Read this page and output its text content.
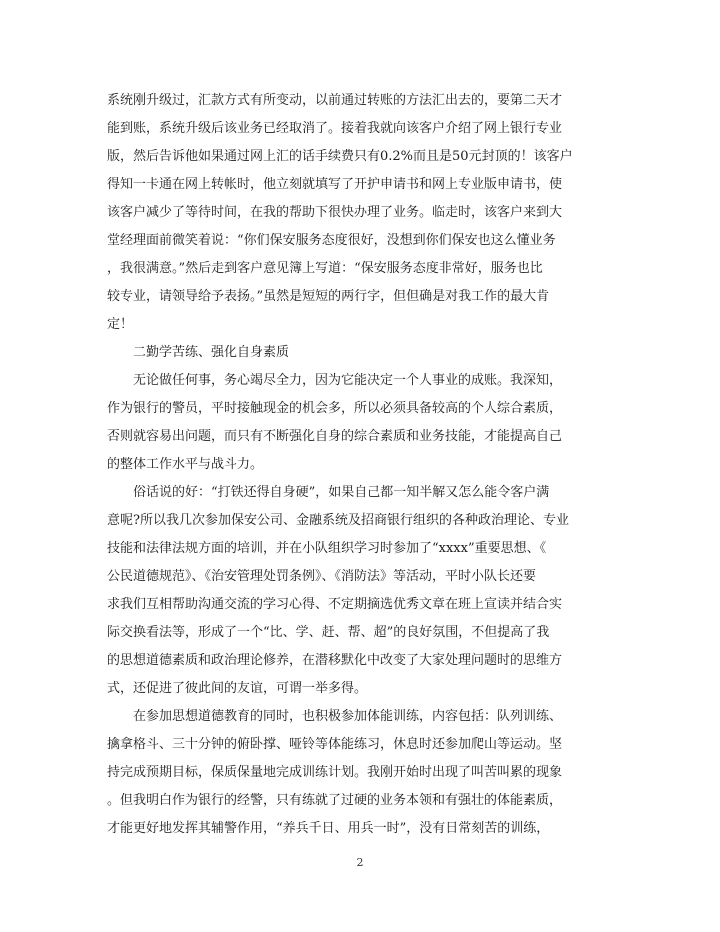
系统刚升级过，汇款方式有所变动，以前通过转账的方法汇出去的，要第二天才
能到账，系统升级后该业务已经取消了。接着我就向该客户介绍了网上银行专业
版，然后告诉他如果通过网上汇的话手续费只有0.2%而且是50元封顶的！该客户
得知一卡通在网上转帐时，他立刻就填写了开护申请书和网上专业版申请书，使
该客户减少了等待时间，在我的帮助下很快办理了业务。临走时，该客户来到大
堂经理面前微笑着说：“你们保安服务态度很好，没想到你们保安也这么懂业务
，我很满意。”然后走到客户意见簿上写道：“保安服务态度非常好，服务也比
较专业，请领导给予表扬。”虽然是短短的两行字，但但确是对我工作的最大肯
定！

二勤学苦练、强化自身素质

无论做任何事，务心竭尽全力，因为它能决定一个人事业的成账。我深知，
作为银行的警员，平时接触现金的机会多，所以必须具备较高的个人综合素质，
否则就容易出问题，而只有不断强化自身的综合素质和业务技能，才能提高自己
的整体工作水平与战斗力。

俗话说的好：“打铁还得自身硬”，如果自己都一知半解又怎么能令客户满
意呢?所以我几次参加保安公司、金融系统及招商银行组织的各种政治理论、专业
技能和法律法规方面的培训，并在小队组织学习时参加了“xxxx”重要思想、《
公民道德规范》、《治安管理处罚条例》、《消防法》等活动，平时小队长还要
求我们互相帮助沟通交流的学习心得、不定期摘选优秀文章在班上宣读并结合实
际交换看法等，形成了一个“比、学、赶、帮、超”的良好氛围，不但提高了我
的思想道德素质和政治理论修养，在潜移默化中改变了大家处理问题时的思维方
式，还促进了彼此间的友谊，可谓一举多得。

在参加思想道德教育的同时，也积极参加体能训练，内容包括：队列训练、
擒拿格斗、三十分钟的俯卧撑、哑铃等体能练习，休息时还参加爬山等运动。坚
持完成预期目标，保质保量地完成训练计划。我刚开始时出现了叫苦叫累的现象
。但我明白作为银行的经警，只有练就了过硬的业务本领和有强壮的体能素质，
才能更好地发挥其辅警作用，“养兵千日、用兵一时”，没有日常刻苦的训练，

2
